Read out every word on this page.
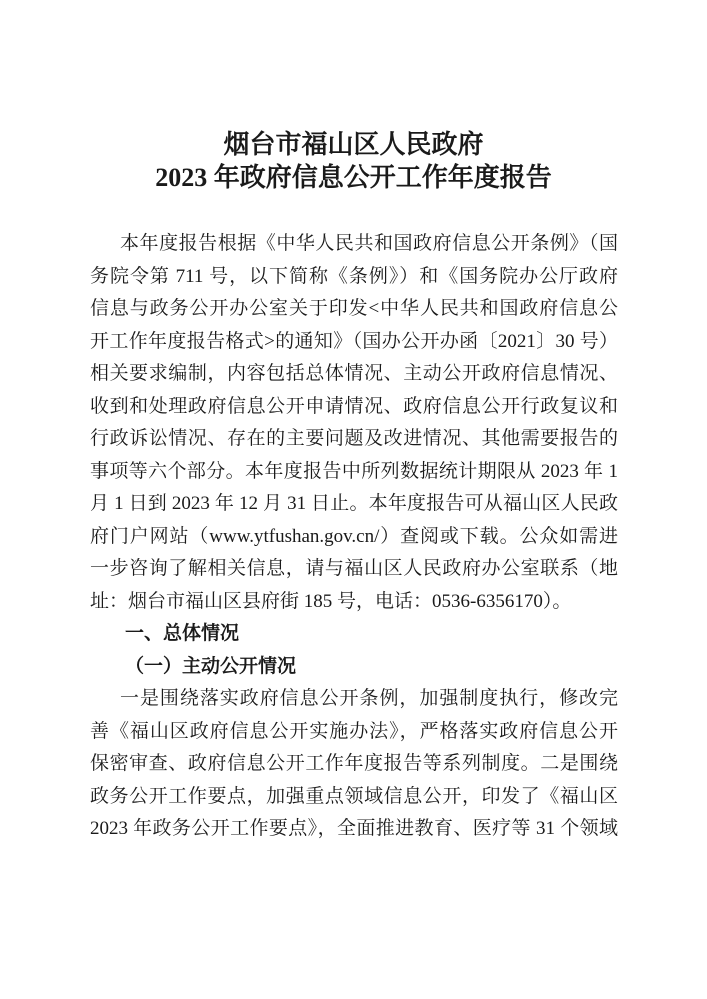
烟台市福山区人民政府
2023 年政府信息公开工作年度报告

本年度报告根据《中华人民共和国政府信息公开条例》（国
务院令第 711 号，以下简称《条例》）和《国务院办公厅政府
信息与政务公开办公室关于印发<中华人民共和国政府信息公
开工作年度报告格式>的通知》（国办公开办函〔2021〕30 号）
相关要求编制，内容包括总体情况、主动公开政府信息情况、
收到和处理政府信息公开申请情况、政府信息公开行政复议和
行政诉讼情况、存在的主要问题及改进情况、其他需要报告的
事项等六个部分。本年度报告中所列数据统计期限从 2023 年 1
月 1 日到 2023 年 12 月 31 日止。本年度报告可从福山区人民政
府门户网站（www.ytfushan.gov.cn/）查阅或下载。公众如需进
一步咨询了解相关信息，请与福山区人民政府办公室联系（地
址：烟台市福山区县府街 185 号，电话：0536-6356170）。

一、总体情况
（一）主动公开情况

一是围绕落实政府信息公开条例，加强制度执行，修改完
善《福山区政府信息公开实施办法》，严格落实政府信息公开
保密审查、政府信息公开工作年度报告等系列制度。二是围绕
政务公开工作要点，加强重点领域信息公开，印发了《福山区
2023 年政务公开工作要点》，全面推进教育、医疗等 31 个领域
